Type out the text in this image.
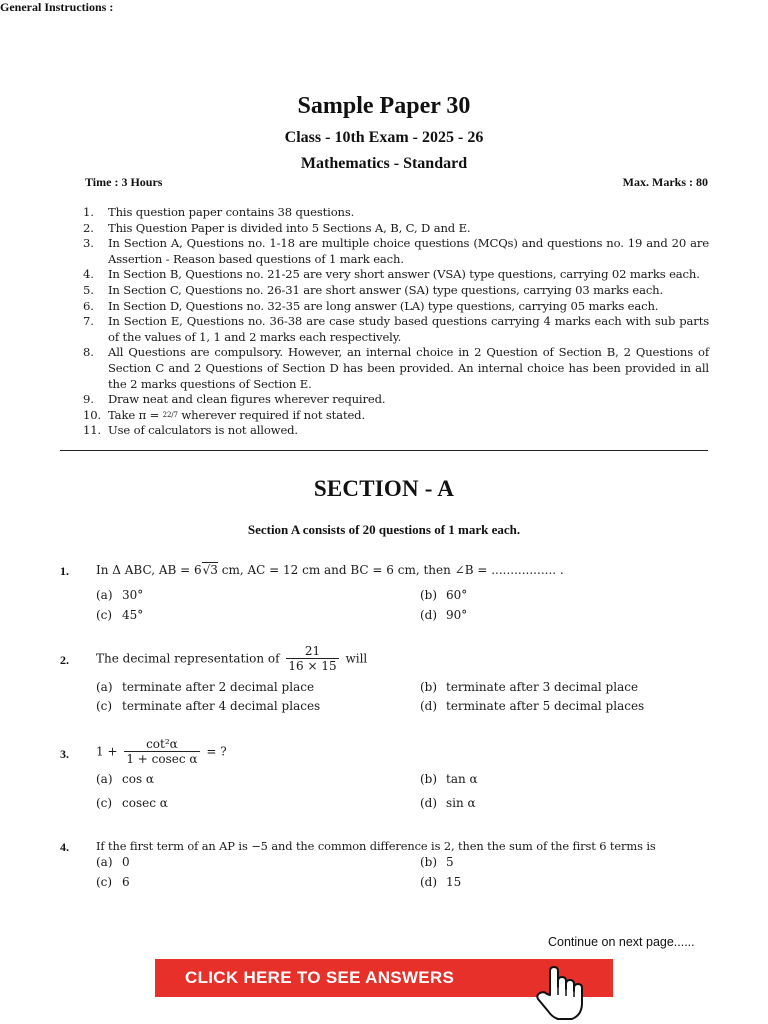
Sample Paper 30
Class - 10th Exam - 2025 - 26
Mathematics - Standard
Time : 3 Hours	Max. Marks : 80
General Instructions :
1. This question paper contains 38 questions.
2. This Question Paper is divided into 5 Sections A, B, C, D and E.
3. In Section A, Questions no. 1-18 are multiple choice questions (MCQs) and questions no. 19 and 20 are Assertion - Reason based questions of 1 mark each.
4. In Section B, Questions no. 21-25 are very short answer (VSA) type questions, carrying 02 marks each.
5. In Section C, Questions no. 26-31 are short answer (SA) type questions, carrying 03 marks each.
6. In Section D, Questions no. 32-35 are long answer (LA) type questions, carrying 05 marks each.
7. In Section E, Questions no. 36-38 are case study based questions carrying 4 marks each with sub parts of the values of 1, 1 and 2 marks each respectively.
8. All Questions are compulsory. However, an internal choice in 2 Question of Section B, 2 Questions of Section C and 2 Questions of Section D has been provided. An internal choice has been provided in all the 2 marks questions of Section E.
9. Draw neat and clean figures wherever required.
10. Take π = 22/7 wherever required if not stated.
11. Use of calculators is not allowed.
SECTION - A
Section A consists of 20 questions of 1 mark each.
1. In Δ ABC, AB = 6√3 cm, AC = 12 cm and BC = 6 cm, then ∠B = ................. .
(a) 30°	(b) 60°
(c) 45°	(d) 90°
2. The decimal representation of $\frac{21}{16 \times 15}$ will
(a) terminate after 2 decimal place	(b) terminate after 3 decimal place
(c) terminate after 4 decimal places	(d) terminate after 5 decimal places
3. $1 + \frac{\text{cot²α}}{\text{1 + cosec α}}$ = ?
(a) cos α	(b) tan α
(c) cosec α	(d) sin α
4. If the first term of an AP is −5 and the common difference is 2, then the sum of the first 6 terms is
(a) 0	(b) 5
(c) 6	(d) 15
Continue on next page......
CLICK HERE TO SEE ANSWERS
